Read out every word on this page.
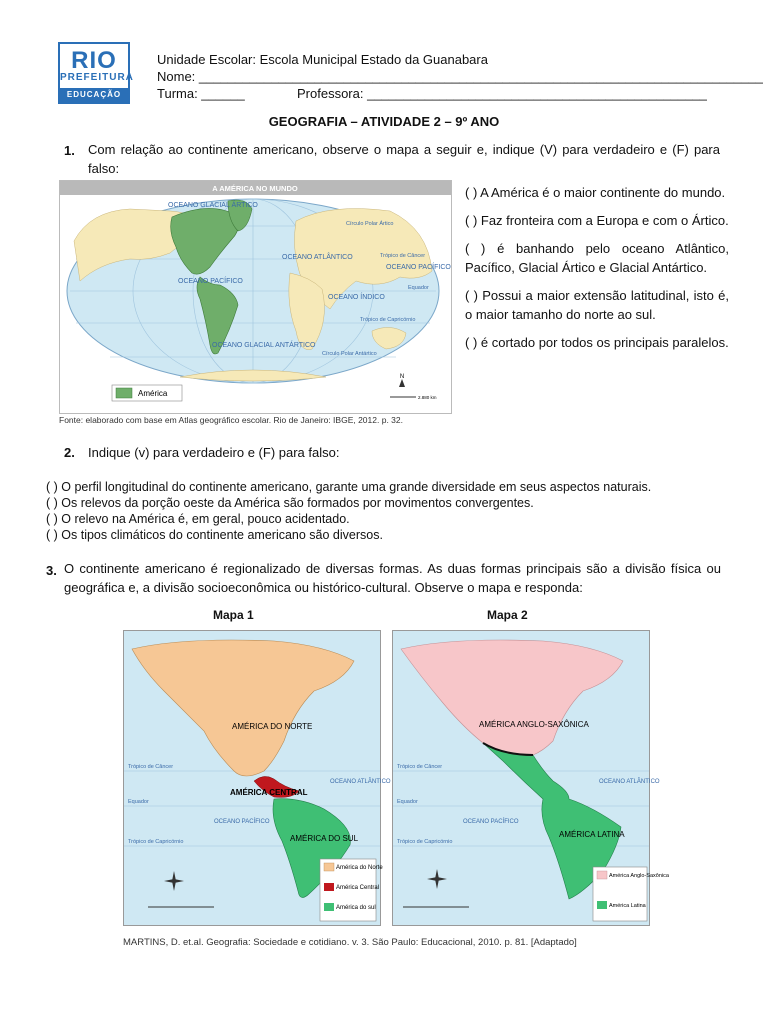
RIO
PREFEITURA
EDUCAÇÃO
Unidade Escolar: Escola Municipal Estado da Guanabara
Nome: ______________________________________________________________________________
Turma: ______	Professora: _______________________________________________
GEOGRAFIA – ATIVIDADE 2 – 9º ANO
1. Com relação ao continente americano, observe o mapa a seguir e, indique (V) para verdadeiro e (F) para falso:
A AMÉRICA NO MUNDO
OCEANO GLACIAL ÁRTICO
OCEANO ATLÂNTICO
OCEANO PACÍFICO
OCEANO PACÍFICO
OCEANO ÍNDICO
OCEANO GLACIAL ANTÁRTICO
Círculo Polar Ártico
Trópico de Câncer
Equador
Trópico de Capricórnio
Círculo Polar Antártico
América
N
2.880 km
Fonte: elaborado com base em Atlas geográfico escolar. Rio de Janeiro: IBGE, 2012. p. 32.
( ) A América é o maior continente do mundo.
( ) Faz fronteira com a Europa e com o Ártico.
( ) é banhando pelo oceano Atlântico, Pacífico, Glacial Ártico e Glacial Antártico.
( ) Possui a maior extensão latitudinal, isto é, o maior tamanho do norte ao sul.
( ) é cortado por todos os principais paralelos.
2. Indique (v) para verdadeiro e (F) para falso:
( ) O perfil longitudinal do continente americano, garante uma grande diversidade em seus aspectos naturais.
( ) Os relevos da porção oeste da América são formados por movimentos convergentes.
( ) O relevo na América é, em geral, pouco acidentado.
( ) Os tipos climáticos do continente americano são diversos.
3. O continente americano é regionalizado de diversas formas. As duas formas principais são a divisão física ou geográfica e, a divisão socioeconômica ou histórico-cultural. Observe o mapa e responda:
Mapa 1
AMÉRICA DO NORTE
AMÉRICA CENTRAL
AMÉRICA DO SUL
Trópico de Câncer
Equador
Trópico de Capricórnio
OCEANO ATLÂNTICO
OCEANO PACÍFICO
América do Norte
América Central
América do sul
Mapa 2
AMÉRICA ANGLO-SAXÔNICA
AMÉRICA LATINA
Trópico de Câncer
Equador
Trópico de Capricórnio
OCEANO ATLÂNTICO
OCEANO PACÍFICO
América Anglo-Saxônica
América Latina
MARTINS, D. et.al. Geografia: Sociedade e cotidiano. v. 3. São Paulo: Educacional, 2010. p. 81. [Adaptado]
